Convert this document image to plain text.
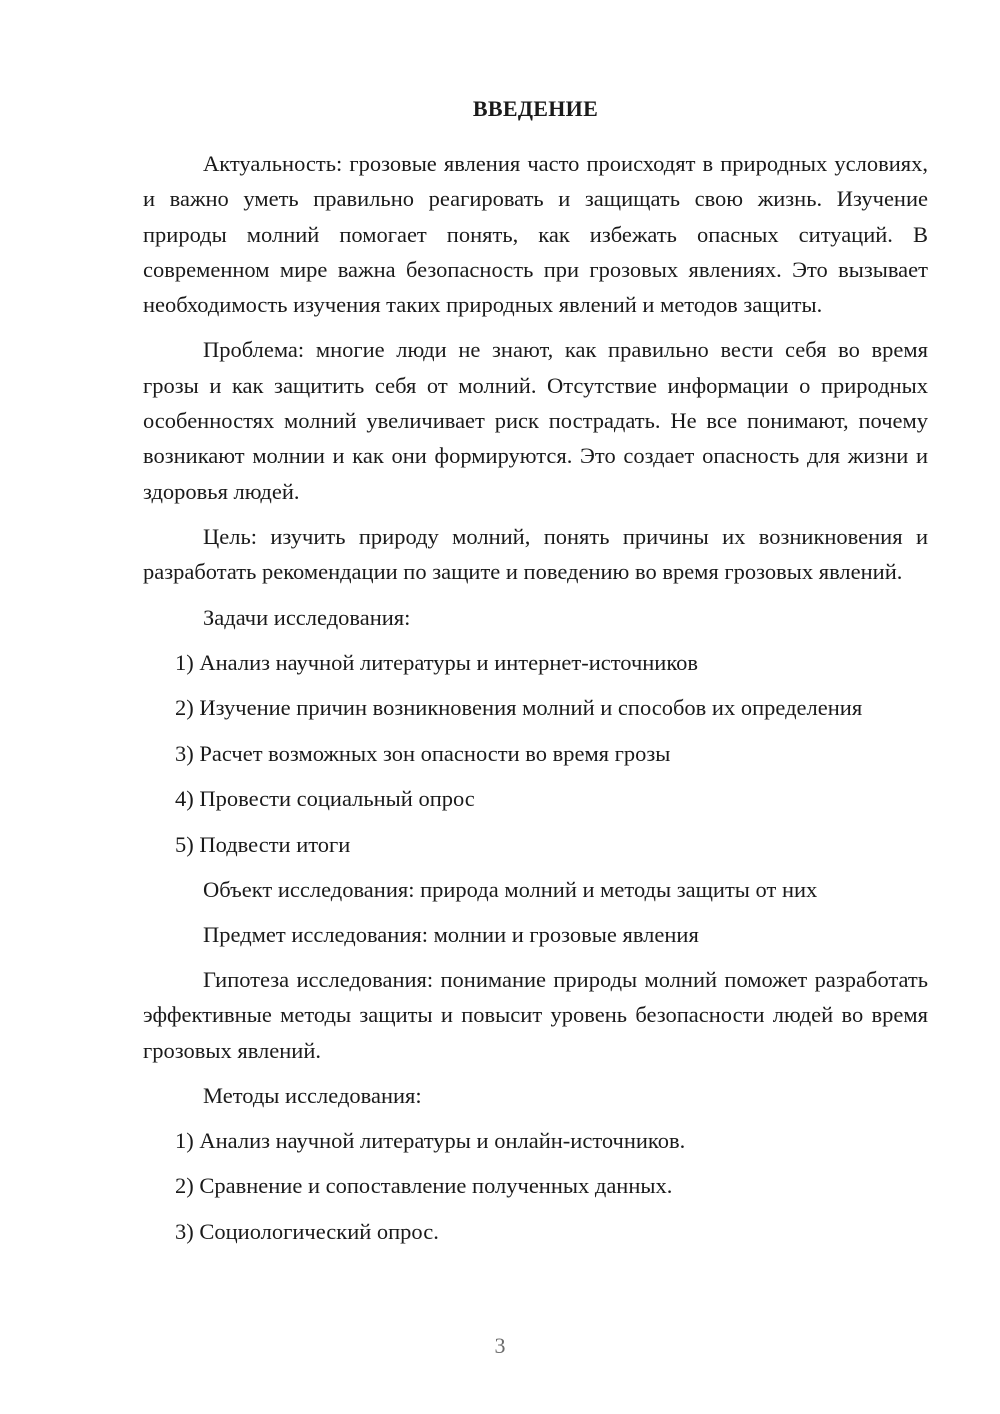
ВВЕДЕНИЕ

Актуальность: грозовые явления часто происходят в природных условиях, и важно уметь правильно реагировать и защищать свою жизнь. Изучение природы молний помогает понять, как избежать опасных ситуаций. В современном мире важна безопасность при грозовых явлениях. Это вызывает необходимость изучения таких природных явлений и методов защиты.

Проблема: многие люди не знают, как правильно вести себя во время грозы и как защитить себя от молний. Отсутствие информации о природных особенностях молний увеличивает риск пострадать. Не все понимают, почему возникают молнии и как они формируются. Это создает опасность для жизни и здоровья людей.

Цель: изучить природу молний, понять причины их возникновения и разработать рекомендации по защите и поведению во время грозовых явлений.

Задачи исследования:

1) Анализ научной литературы и интернет-источников

2) Изучение причин возникновения молний и способов их определения

3) Расчет возможных зон опасности во время грозы

4) Провести социальный опрос

5) Подвести итоги

Объект исследования: природа молний и методы защиты от них

Предмет исследования: молнии и грозовые явления

Гипотеза исследования: понимание природы молний поможет разработать эффективные методы защиты и повысит уровень безопасности людей во время грозовых явлений.

Методы исследования:

1) Анализ научной литературы и онлайн-источников.

2) Сравнение и сопоставление полученных данных.

3) Социологический опрос.

3
